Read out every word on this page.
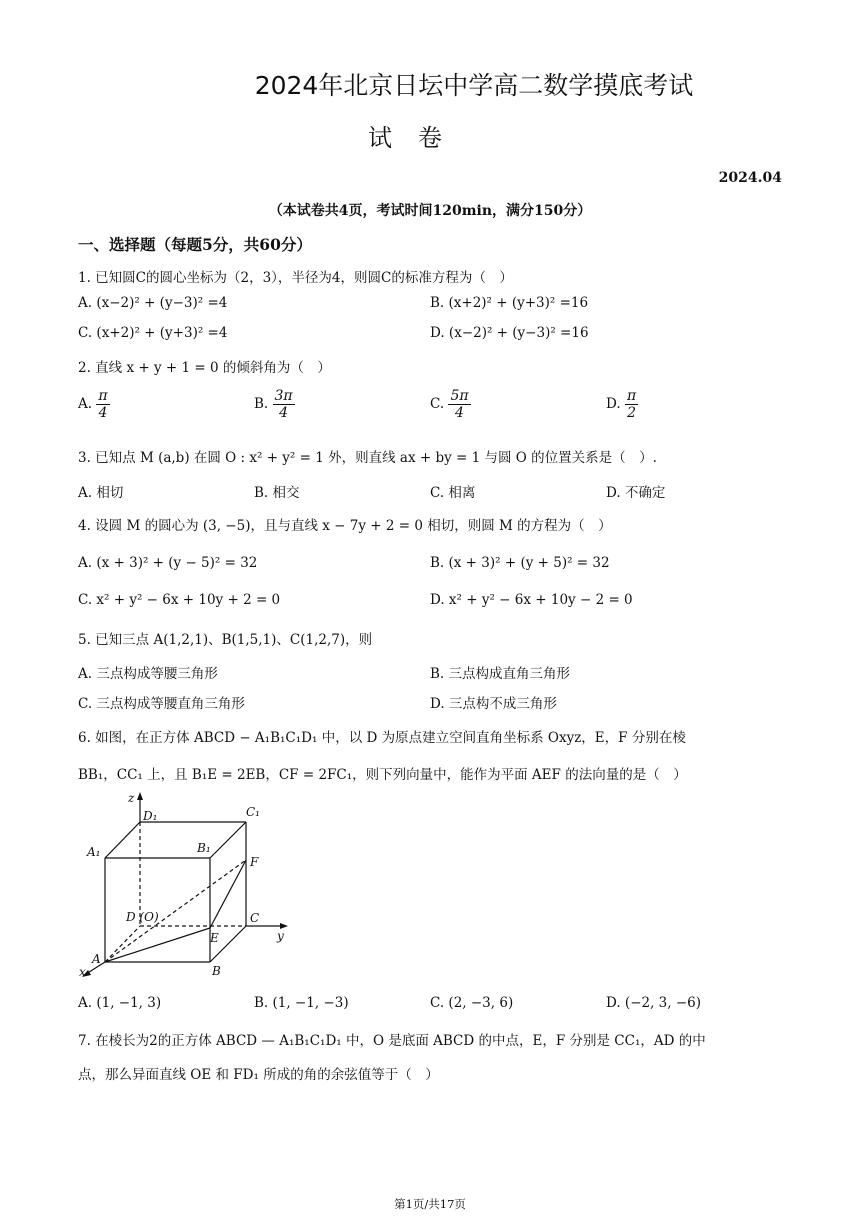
2024年北京日坛中学高二数学摸底考试
试卷
2024.04
（本试卷共4页，考试时间120min，满分150分）
一、选择题（每题5分，共60分）
1. 已知圆C的圆心坐标为（2，3），半径为4，则圆C的标准方程为（　）
A. (x−2)² + (y−3)² =4	B. (x+2)² + (y+3)² =16
C. (x+2)² + (y+3)² =4	D. (x−2)² + (y−3)² =16
2. 直线 x + y + 1 = 0 的倾斜角为（　）
A. $\frac{\pi}{4}$	B. $\frac{3\pi}{4}$	C. $\frac{5\pi}{4}$	D. $\frac{\pi}{2}$
3. 已知点 M (a,b) 在圆 O : x² + y² = 1 外，则直线 ax + by = 1 与圆 O 的位置关系是（　）.
A. 相切	B. 相交	C. 相离	D. 不确定
4. 设圆 M 的圆心为 (3, −5)，且与直线 x − 7y + 2 = 0 相切，则圆 M 的方程为（　）
A. (x + 3)² + (y − 5)² = 32	B. (x + 3)² + (y + 5)² = 32
C. x² + y² − 6x + 10y + 2 = 0	D. x² + y² − 6x + 10y − 2 = 0
5. 已知三点 A(1,2,1)、B(1,5,1)、C(1,2,7)，则
A. 三点构成等腰三角形	B. 三点构成直角三角形
C. 三点构成等腰直角三角形	D. 三点构不成三角形
6. 如图，在正方体 ABCD − A₁B₁C₁D₁ 中，以 D 为原点建立空间直角坐标系 Oxyz，E，F 分别在棱
BB₁，CC₁ 上，且 B₁E = 2EB，CF = 2FC₁，则下列向量中，能作为平面 AEF 的法向量的是（　）
z
D₁	C₁
A₁	B₁
F
D (O)	C
y
E
A
x	B
A. (1, −1, 3)	B. (1, −1, −3)	C. (2, −3, 6)	D. (−2, 3, −6)
7. 在棱长为2的正方体 ABCD — A₁B₁C₁D₁ 中，O 是底面 ABCD 的中点，E，F 分别是 CC₁，AD 的中
点，那么异面直线 OE 和 FD₁ 所成的角的余弦值等于（　）
第1页/共17页
